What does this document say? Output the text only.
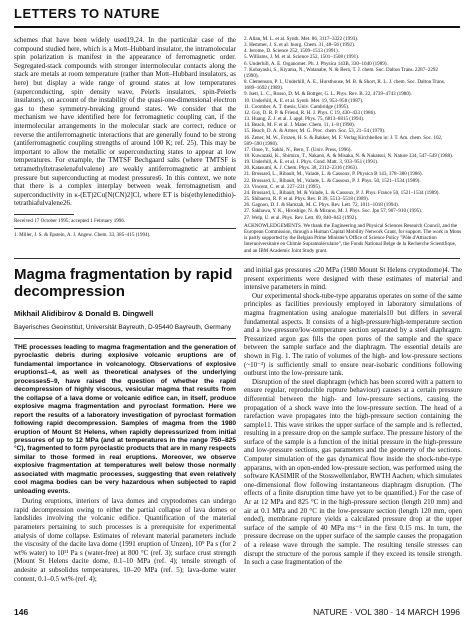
LETTERS TO NATURE

schemes that have been widely used19,24. In the particular case of the compound studied here, which is a Mott–Hubbard insulator, the intramolecular spin polarization is manifest in the appearance of ferromagnetic order. Segregated-stack compounds with stronger intermolecular contacts along the stack are metals at room temperature (rather than Mott–Hubbard insulators, as here) but display a wide range of ground states at low temperatures (superconducting, spin density wave, Peierls insulators, spin-Peierls insulators), on account of the instability of the quasi-one-dimensional electron gas to these symmetry-breaking ground states. We consider that the mechanism we have identified here for ferromagnetic coupling can, if the intermolecular arrangements in the molecular stack are correct, reduce or reverse the antiferromagnetic interactions that are generally found to be strong (antiferromagnetic coupling strengths of around 100 K; ref. 25). This may be important to allow the metallic or superconducting states to appear at low temperatures. For example, the TMTSF Bechgaard salts (where TMTSF is tetramethyltetraselenafulvalene) are weakly antiferromagnetic at ambient pressure but superconducting at modest pressures6. In this context, we note that there is a complex interplay between weak ferromagnetism and superconductivity in κ-(ET)2Cu[N(CN)2]Cl, where ET is bis(ethylenedithio)-tetrathiafulvalene26.

Received 17 October 1995; accepted 1 February 1996.

1. Miller, J. S. & Epstein, A. J. Angew. Chem. 33, 385–415 (1994).

2. Allan, M. L. et al. Synth. Met. 86, 3117–3322 (1993).
3. Hemmer, J. S. et al. Inorg. Chem. 31, 48–56 (1992).
4. Jerome, D. Science 252, 1509–1513 (1991).
5. Williams, J. M. et al. Science 252, 1501–1508 (1991).
6. Underhill, A. E. Organomet. Ph. J. Physica 143B, 330–1040 (1989).
7. Kobayashi, S., Kiyama, N., Watanabe, N. & Bern, T. J. chem. Soc. Dalton Trans. 2287–2292
(1990).
8. Clemenson, P. I., Underhill, A. E., Hursthouse, M. B. & Short, R. L. J. chem. Soc. Dalton Trans.
1689–1692 (1989).
9. Isett, L. C., Rosso, D. M. & Bottger, G. L. Phys. Rev. B. 22, 4739–4743 (1980).
10. Underhill, A. E. et al. Synth. Met. 19, 953–958 (1987).
11. Coomber, A. T. thesis, Univ. Cambridge (1995).
12. Guy, D. R. P. & Friend, R. H. J. Phys. C 19, 430–433 (1986).
13. Huang, Z. J. et al. J. appl. Phys. 75, 6813–6815 (1994).
14. Beach, M. F. et al. J. Mater. Chem. 11, 1–8 (1990).
15. Beach, D. A. & Armer, M. G. Proc. chem. Soc. 53, 21–54 (1979).
16. Zener, M. W., Frozen, H. S. & Bakker, M. F. Verlag Kirchhellen in: J. T. Am. chem. Soc. 102,
589–590 (1980).
17. Onoe, Y., Sakhi, N., Bern, T. (Univ. Press, 1996).
18. Kuwazaki, K., Shimizu, T., Nakano, A. & Misaka, N. & Nakatsui, N. Nature 334, 547–549 (1988).
19. Underhill, A. E. et al. J. Phys. Cond. Matt. 3, 933–951 (1991).
20. Katasumi, A. J. Chem. Phys. 38, 2312–2316 (1963).
21. Brossard, L., Ribault, M., Valade, L. & Cassoux, P. Physica B 143, 378–380 (1986).
22. Brossard, L., Ribault, M., Valade, L. & Cassoux, P. J. Phys. 50, 1521–1534 (1989).
23. Vincent, C. et al. 227–231 (1995).
24. Brossard, L., Ribault, M. & Valade, L. & Cassoux, P. J. Phys. France 50, 1521–1534 (1989).
25. Shibaeva, R. P. et al. Phys. Rev. B 39, 5513–5518 (1989).
26. Gagnon, D. J. & Hamzah, M. C. Phys. Rev. Lett. 72, 1011–1018 (1994).
27. Sakhawa, Y. K., Hiroshige, N. & Mizuno, M. J. Phys. Soc. Jpn 57, 907–910 (1995).
27. Welp, U. et al. Phys. Rev. Lett. 69, 840–843 (1992).

ACKNOWLEDGEMENTS. We thank the Engineering and Physical Sciences Research Council, and the European Commission, through a Human Capital Mobility Network Grant, for support. The work in Mons is partly supported by the Belgian Prime Minister's Office of Science Policy "Pôle d'Attraction Interuniversitaire en Chimie Supramoléculaire", the Fonds National Belge de la Recherche Scientifique, and an IBM Academic Joint Study grant.

Magma fragmentation by rapid decompression

Mikhail Alidibirov & Donald B. Dingwell

Bayerisches Geoinstitut, Universität Bayreuth, D-95440 Bayreuth, Germany

THE processes leading to magma fragmentation and the generation of pyroclastic debris during explosive volcanic eruptions are of fundamental importance in volcanology. Observations of explosive eruptions1–4, as well as theoretical analyses of the underlying processes5–9, have raised the question of whether the rapid decompression of highly viscous, vesicular magma that results from the collapse of a lava dome or volcanic edifice can, in itself, produce explosive magma fragmentation and pyroclast formation. Here we report the results of a laboratory investigation of pyroclast formation following rapid decompression. Samples of magma from the 1980 eruption of Mount St Helens, when rapidly depressurized from initial pressures of up to 12 MPa (and at temperatures in the range 750–825 °C), fragmented to form pyroclastic products that are in many respects similar to those formed in real eruptions. Moreover, we observe explosive fragmentation at temperatures well below those normally associated with magmatic processes, suggesting that even relatively cool magma bodies can be very hazardous when subjected to rapid unloading events.

During eruptions, interiors of lava domes and cryptodomes can undergo rapid decompression owing to either the partial collapse of lava domes or landslides involving the volcanic edifice. Quantification of the material parameters pertaining to such processes is a prerequisite for experimental analysis of dome collapse. Estimates of relevant material parameters include the viscosity of the dacite lava dome (1991 eruption of Unzen), 10⁹ Pa s (for 2 wt% water) to 10¹¹ Pa s (water-free) at 800 °C (ref. 3); surface crust strength (Mount St Helens dacite dome, 0.1–10 MPa (ref. 4); tensile strength of andesite at subsolidus temperatures, 10–20 MPa (ref. 5); lava-dome water content, 0.1–0.5 wt% (ref. 4);

and initial gas pressures ≤20 MPa (1980 Mount St Helens cryptodome)4. The present experiments were designed with these estimates of material and intensive parameters in mind.

Our experimental shock-tube-type apparatus operates on some of the same principles as facilities previously employed in laboratory simulations of magma fragmentation using analogue materials10 but differs in several fundamental aspects. It consists of a high-pressure/high-temperature section and a low-pressure/low-temperature section separated by a steel diaphragm. Pressurized argon gas fills the open pores of the sample and the space between the sample surface and the diaphragm. The essential details are shown in Fig. 1. The ratio of volumes of the high- and low-pressure sections (~10⁻³) is sufficiently small to ensure near-isobaric conditions following outburst into the low-pressure tank.

Disruption of the steel diaphragm (which has been scored with a pattern to ensure regular, reproducible rupture behaviour) causes at a certain pressure differential between the high- and low-pressure sections, causing the propagation of a shock wave into the low-pressure section. The head of a rarefaction wave propagates into the high-pressure section containing the sample11. This wave strikes the upper surface of the sample and is reflected, resulting in a pressure drop on the sample surface. The pressure history of the surface of the sample is a function of the initial pressure in the high-pressure and low-pressure sections, gas parameters and the geometry of the sections. Computer simulation of the gas dynamical flow inside the shock-tube-type apparatus, with an open-ended low-pressure section, was performed using the software KASIMIR of the Stosswellenlabor, RWTH Aachen, which simulates one-dimensional flow following instantaneous diaphragm disruption. (The effects of a finite disruption time have yet to be quantified.) For the case of Ar at 12 MPa and 825 °C in the high-pressure section (length 210 mm) and air at 0.1 MPa and 20 °C in the low-pressure section (length 120 mm, open ended), membrane rupture yields a calculated pressure drop at the upper surface of the sample of 40 MPa ms⁻¹ in the first 0.15 ms. In turn, the pressure decrease on the upper surface of the sample causes the propagation of a release wave through the sample. The resulting tensile stresses can disrupt the structure of the porous sample if they exceed its tensile strength. In such a case fragmentation of the

146	NATURE · VOL 380 · 14 MARCH 1996
